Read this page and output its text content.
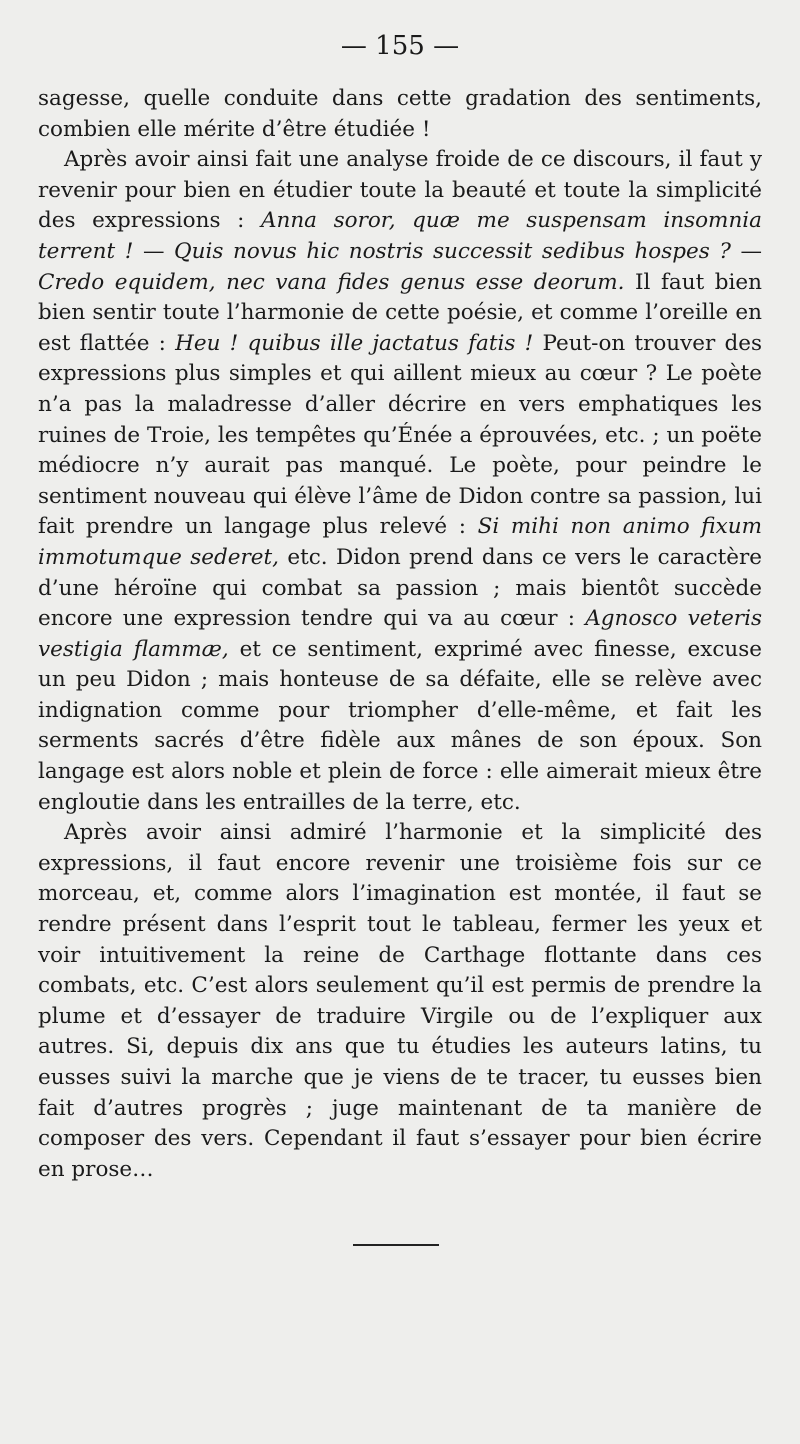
— 155 —

sagesse, quelle conduite dans cette gradation des sentiments, combien elle mérite d’être étudiée !

Après avoir ainsi fait une analyse froide de ce discours, il faut y revenir pour bien en étudier toute la beauté et toute la simplicité des expressions : Anna soror, quæ me suspensam insomnia terrent ! — Quis novus hic nostris successit sedibus hospes ? — Credo equidem, nec vana fides genus esse deorum. Il faut bien bien sentir toute l’harmonie de cette poésie, et comme l’oreille en est flattée : Heu ! quibus ille jactatus fatis ! Peut-on trouver des expressions plus simples et qui aillent mieux au cœur ? Le poète n’a pas la maladresse d’aller décrire en vers emphatiques les ruines de Troie, les tempêtes qu’Énée a éprouvées, etc. ; un poëte médiocre n’y aurait pas manqué. Le poète, pour peindre le sentiment nouveau qui élève l’âme de Didon contre sa passion, lui fait prendre un langage plus relevé : Si mihi non animo fixum immotumque sederet, etc. Didon prend dans ce vers le caractère d’une héroïne qui combat sa passion ; mais bientôt succède encore une expression tendre qui va au cœur : Agnosco veteris vestigia flammæ, et ce sentiment, exprimé avec finesse, excuse un peu Didon ; mais honteuse de sa défaite, elle se relève avec indignation comme pour triompher d’elle-même, et fait les serments sacrés d’être fidèle aux mânes de son époux. Son langage est alors noble et plein de force : elle aimerait mieux être engloutie dans les entrailles de la terre, etc.

Après avoir ainsi admiré l’harmonie et la simplicité des expressions, il faut encore revenir une troisième fois sur ce morceau, et, comme alors l’imagination est montée, il faut se rendre présent dans l’esprit tout le tableau, fermer les yeux et voir intuitivement la reine de Carthage flottante dans ces combats, etc. C’est alors seulement qu’il est permis de prendre la plume et d’essayer de traduire Virgile ou de l’expliquer aux autres. Si, depuis dix ans que tu étudies les auteurs latins, tu eusses suivi la marche que je viens de te tracer, tu eusses bien fait d’autres progrès ; juge maintenant de ta manière de composer des vers. Cependant il faut s’essayer pour bien écrire en prose…
